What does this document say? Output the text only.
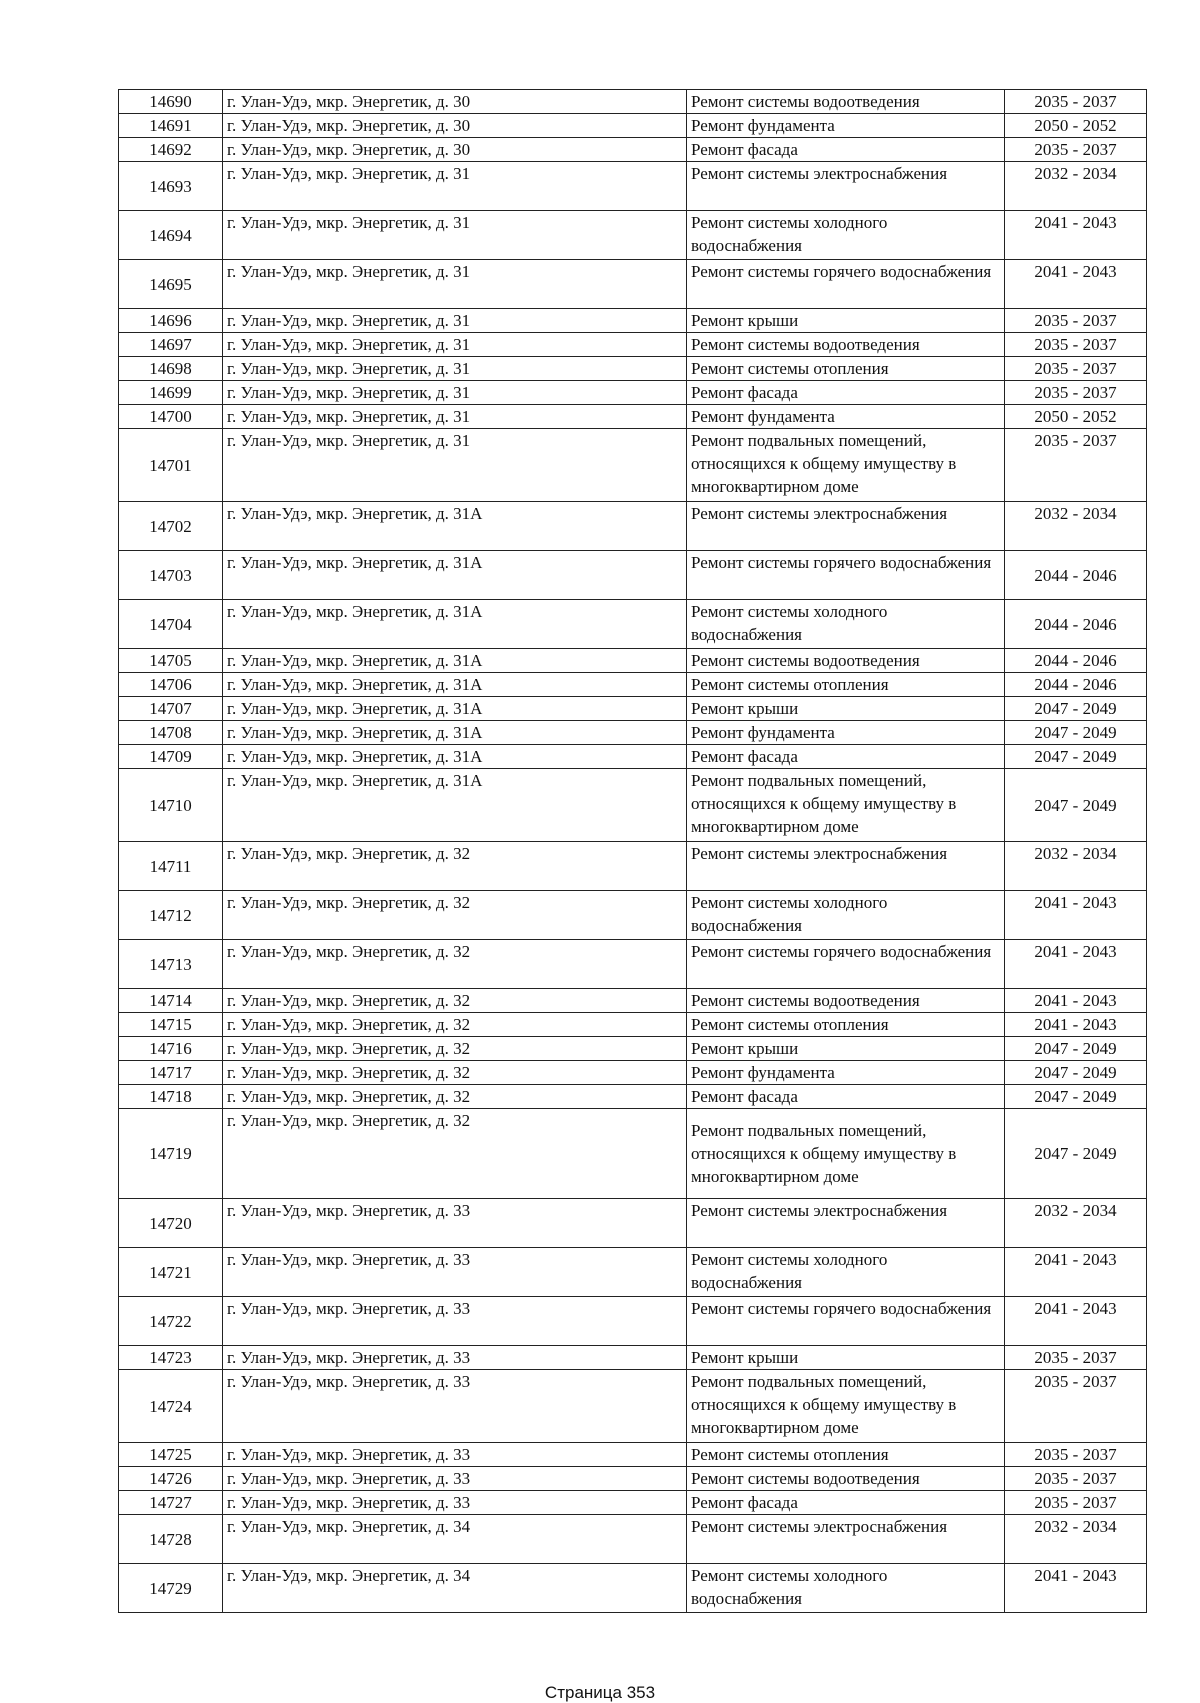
14690	г. Улан-Удэ, мкр. Энергетик, д. 30	Ремонт системы водоотведения	2035 - 2037
14691	г. Улан-Удэ, мкр. Энергетик, д. 30	Ремонт фундамента	2050 - 2052
14692	г. Улан-Удэ, мкр. Энергетик, д. 30	Ремонт фасада	2035 - 2037
14693	г. Улан-Удэ, мкр. Энергетик, д. 31	Ремонт системы электроснабжения	2032 - 2034
14694	г. Улан-Удэ, мкр. Энергетик, д. 31	Ремонт системы холодного водоснабжения	2041 - 2043
14695	г. Улан-Удэ, мкр. Энергетик, д. 31	Ремонт системы горячего водоснабжения	2041 - 2043
14696	г. Улан-Удэ, мкр. Энергетик, д. 31	Ремонт крыши	2035 - 2037
14697	г. Улан-Удэ, мкр. Энергетик, д. 31	Ремонт системы водоотведения	2035 - 2037
14698	г. Улан-Удэ, мкр. Энергетик, д. 31	Ремонт системы отопления	2035 - 2037
14699	г. Улан-Удэ, мкр. Энергетик, д. 31	Ремонт фасада	2035 - 2037
14700	г. Улан-Удэ, мкр. Энергетик, д. 31	Ремонт фундамента	2050 - 2052
14701	г. Улан-Удэ, мкр. Энергетик, д. 31	Ремонт подвальных помещений, относящихся к общему имуществу в многоквартирном доме	2035 - 2037
14702	г. Улан-Удэ, мкр. Энергетик, д. 31А	Ремонт системы электроснабжения	2032 - 2034
14703	г. Улан-Удэ, мкр. Энергетик, д. 31А	Ремонт системы горячего водоснабжения	2044 - 2046
14704	г. Улан-Удэ, мкр. Энергетик, д. 31А	Ремонт системы холодного водоснабжения	2044 - 2046
14705	г. Улан-Удэ, мкр. Энергетик, д. 31А	Ремонт системы водоотведения	2044 - 2046
14706	г. Улан-Удэ, мкр. Энергетик, д. 31А	Ремонт системы отопления	2044 - 2046
14707	г. Улан-Удэ, мкр. Энергетик, д. 31А	Ремонт крыши	2047 - 2049
14708	г. Улан-Удэ, мкр. Энергетик, д. 31А	Ремонт фундамента	2047 - 2049
14709	г. Улан-Удэ, мкр. Энергетик, д. 31А	Ремонт фасада	2047 - 2049
14710	г. Улан-Удэ, мкр. Энергетик, д. 31А	Ремонт подвальных помещений, относящихся к общему имуществу в многоквартирном доме	2047 - 2049
14711	г. Улан-Удэ, мкр. Энергетик, д. 32	Ремонт системы электроснабжения	2032 - 2034
14712	г. Улан-Удэ, мкр. Энергетик, д. 32	Ремонт системы холодного водоснабжения	2041 - 2043
14713	г. Улан-Удэ, мкр. Энергетик, д. 32	Ремонт системы горячего водоснабжения	2041 - 2043
14714	г. Улан-Удэ, мкр. Энергетик, д. 32	Ремонт системы водоотведения	2041 - 2043
14715	г. Улан-Удэ, мкр. Энергетик, д. 32	Ремонт системы отопления	2041 - 2043
14716	г. Улан-Удэ, мкр. Энергетик, д. 32	Ремонт крыши	2047 - 2049
14717	г. Улан-Удэ, мкр. Энергетик, д. 32	Ремонт фундамента	2047 - 2049
14718	г. Улан-Удэ, мкр. Энергетик, д. 32	Ремонт фасада	2047 - 2049
14719	г. Улан-Удэ, мкр. Энергетик, д. 32	Ремонт подвальных помещений, относящихся к общему имуществу в многоквартирном доме	2047 - 2049
14720	г. Улан-Удэ, мкр. Энергетик, д. 33	Ремонт системы электроснабжения	2032 - 2034
14721	г. Улан-Удэ, мкр. Энергетик, д. 33	Ремонт системы холодного водоснабжения	2041 - 2043
14722	г. Улан-Удэ, мкр. Энергетик, д. 33	Ремонт системы горячего водоснабжения	2041 - 2043
14723	г. Улан-Удэ, мкр. Энергетик, д. 33	Ремонт крыши	2035 - 2037
14724	г. Улан-Удэ, мкр. Энергетик, д. 33	Ремонт подвальных помещений, относящихся к общему имуществу в многоквартирном доме	2035 - 2037
14725	г. Улан-Удэ, мкр. Энергетик, д. 33	Ремонт системы отопления	2035 - 2037
14726	г. Улан-Удэ, мкр. Энергетик, д. 33	Ремонт системы водоотведения	2035 - 2037
14727	г. Улан-Удэ, мкр. Энергетик, д. 33	Ремонт фасада	2035 - 2037
14728	г. Улан-Удэ, мкр. Энергетик, д. 34	Ремонт системы электроснабжения	2032 - 2034
14729	г. Улан-Удэ, мкр. Энергетик, д. 34	Ремонт системы холодного водоснабжения	2041 - 2043
Страница 353
